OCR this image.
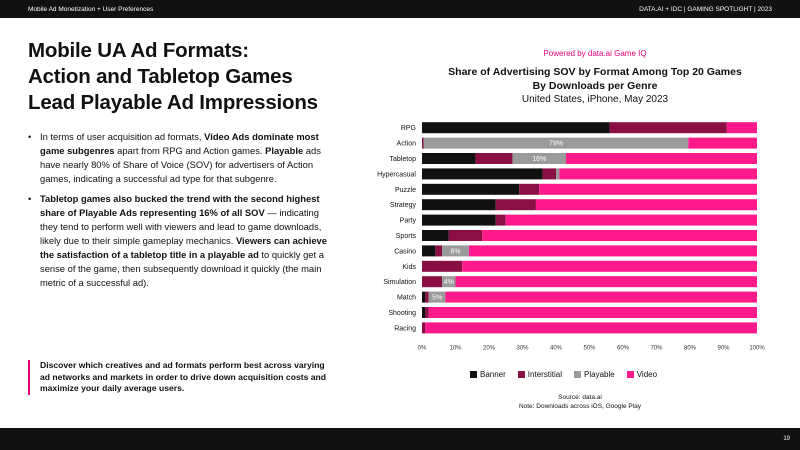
Mobile Ad Monetization + User Preferences	DATA.AI + IDC | GAMING SPOTLIGHT | 2023
Mobile UA Ad Formats:
Action and Tabletop Games
Lead Playable Ad Impressions
• In terms of user acquisition ad formats, Video Ads dominate most game subgenres apart from RPG and Action games. Playable ads have nearly 80% of Share of Voice (SOV) for advertisers of Action games, indicating a successful ad type for that subgenre.
• Tabletop games also bucked the trend with the second highest share of Playable Ads representing 16% of all SOV — indicating they tend to perform well with viewers and lead to game downloads, likely due to their simple gameplay mechanics. Viewers can achieve the satisfaction of a tabletop title in a playable ad to quickly get a sense of the game, then subsequently download it quickly (the main metric of a successful ad).
Discover which creatives and ad formats perform best across varying ad networks and markets in order to drive down acquisition costs and maximize your daily average users.
Powered by data.ai Game IQ
Share of Advertising SOV by Format Among Top 20 Games
By Downloads per Genre
United States, iPhone, May 2023
RPG
Action
Tabletop
Hypercasual
Puzzle
Strategy
Party
Sports
Casino
Kids
Simulation
Match
Shooting
Racing
79%
16%
8%
4%
5%
0%	10%	20%	30%	40%	50%	60%	70%	80%	90%	100%
Banner	Interstitial	Playable	Video
Source: data.ai
Note: Downloads across iOS, Google Play
19
